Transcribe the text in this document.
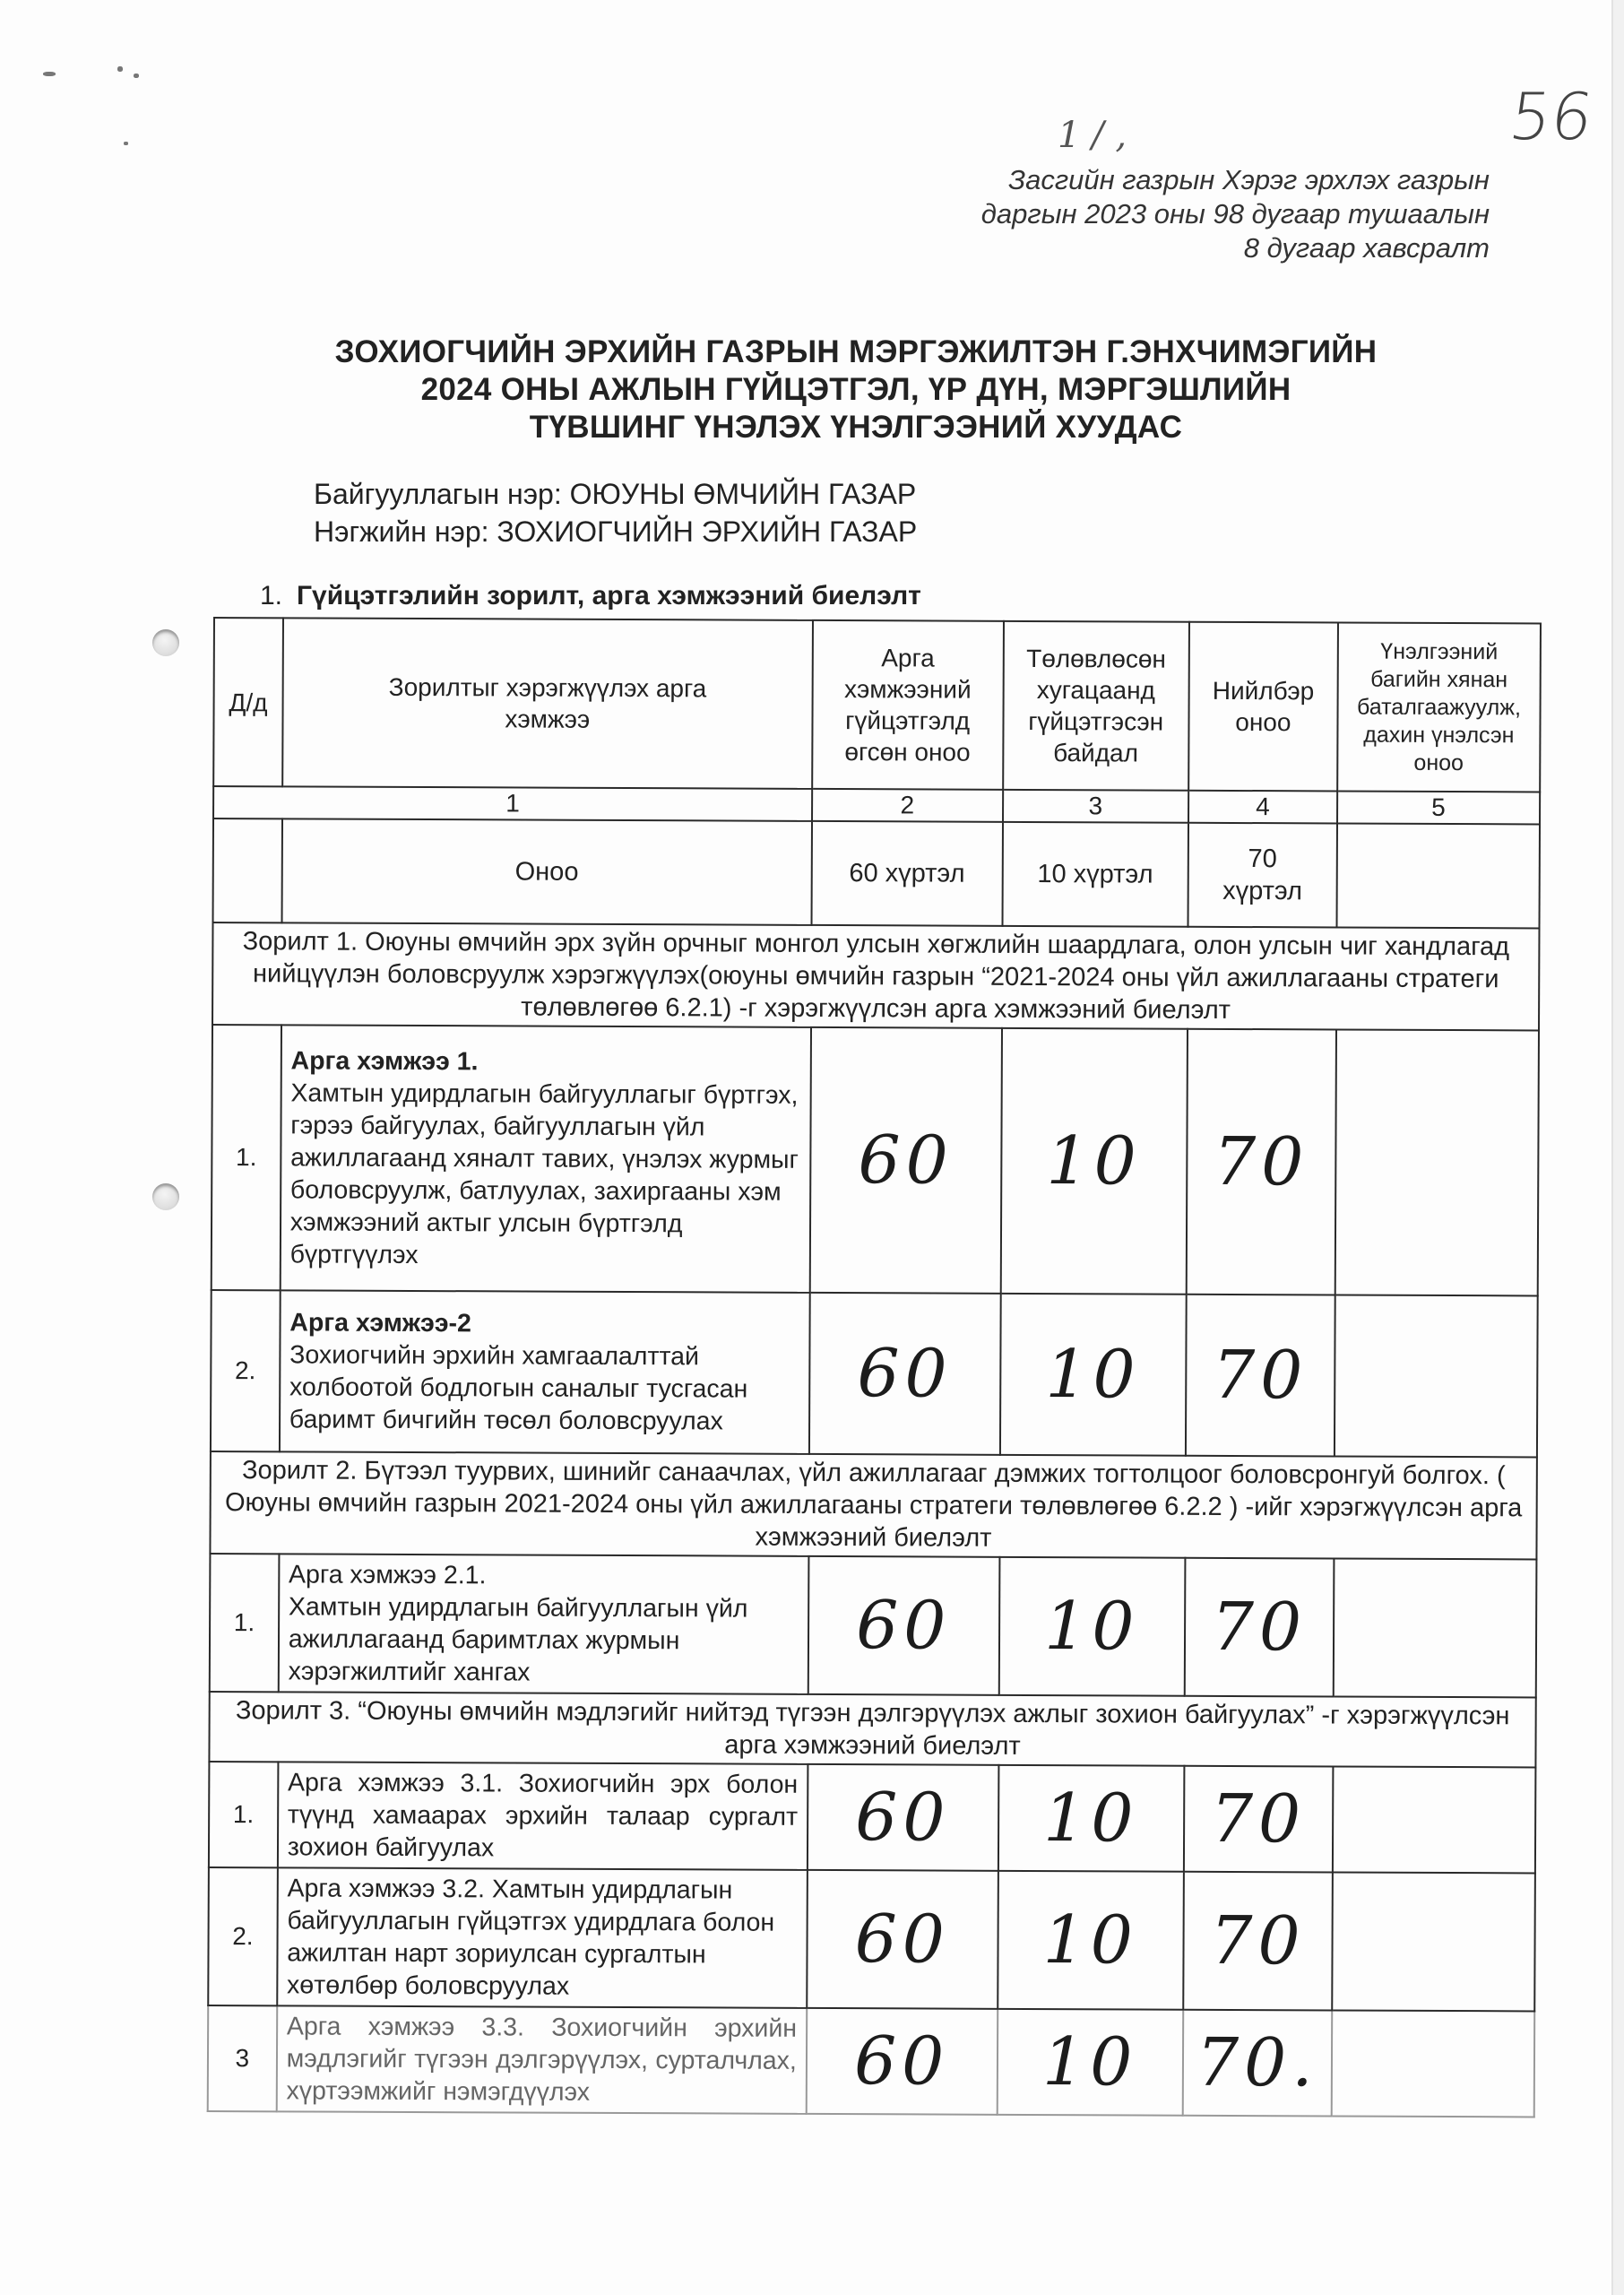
1 / ,	56
Засгийн газрын Хэрэг эрхлэх газрын
даргын 2023 оны 98 дугаар тушаалын
8 дугаар хавсралт
ЗОХИОГЧИЙН ЭРХИЙН ГАЗРЫН МЭРГЭЖИЛТЭН Г.ЭНХЧИМЭГИЙН
2024 ОНЫ АЖЛЫН ГҮЙЦЭТГЭЛ, ҮР ДҮН, МЭРГЭШЛИЙН
ТҮВШИНГ ҮНЭЛЭХ ҮНЭЛГЭЭНИЙ ХУУДАС
Байгууллагын нэр: ОЮУНЫ ӨМЧИЙН ГАЗАР
Нэгжийн нэр: ЗОХИОГЧИЙН ЭРХИЙН ГАЗАР
1. Гүйцэтгэлийн зорилт, арга хэмжээний биелэлт
Д/д	Зорилтыг хэрэгжүүлэх арга хэмжээ	Арга хэмжээний гүйцэтгэлд өгсөн оноо	Төлөвлөсөн хугацаанд гүйцэтгэсэн байдал	Нийлбэр оноо	Үнэлгээний багийн хянан баталгаажуулж, дахин үнэлсэн оноо
1		2	3	4	5
	Оноо	60 хүртэл	10 хүртэл	70 хүртэл	
Зорилт 1. Оюуны өмчийн эрх зүйн орчныг монгол улсын хөгжлийн шаардлага, олон улсын чиг хандлагад нийцүүлэн боловсруулж хэрэгжүүлэх(оюуны өмчийн газрын “2021-2024 оны үйл ажиллагааны стратеги төлөвлөгөө 6.2.1) -г хэрэгжүүлсэн арга хэмжээний биелэлт					
1.	Арга хэмжээ 1.
Хамтын удирдлагын байгууллагыг бүртгэх, гэрээ байгуулах, байгууллагын үйл ажиллагаанд хяналт тавих, үнэлэх журмыг боловсруулж, батлуулах, захиргааны хэм хэмжээний актыг улсын бүртгэлд бүртгүүлэх	60	10	70	
2.	Арга хэмжээ-2
Зохиогчийн эрхийн хамгаалалттай холбоотой бодлогын саналыг тусгасан баримт бичгийн төсөл боловсруулах	60	10	70	
Зорилт 2. Бүтээл туурвих, шинийг санаачлах, үйл ажиллагааг дэмжих тогтолцоог боловсронгуй болгох. ( Оюуны өмчийн газрын 2021-2024 оны үйл ажиллагааны стратеги төлөвлөгөө 6.2.2 ) -ийг хэрэгжүүлсэн арга хэмжээний биелэлт					
1.	Арга хэмжээ 2.1.
Хамтын удирдлагын байгууллагын үйл ажиллагаанд баримтлах журмын хэрэгжилтийг хангах	60	10	70	
Зорилт 3. “Оюуны өмчийн мэдлэгийг нийтэд түгээн дэлгэрүүлэх ажлыг зохион байгуулах” -г хэрэгжүүлсэн арга хэмжээний биелэлт					
1.	Арга хэмжээ 3.1. Зохиогчийн эрх болон түүнд хамаарах эрхийн талаар сургалт зохион байгуулах	60	10	70	
2.	Арга хэмжээ 3.2. Хамтын удирдлагын байгууллагын гүйцэтгэх удирдлага болон ажилтан нарт зориулсан сургалтын хөтөлбөр боловсруулах	60	10	70	
3	Арга хэмжээ 3.3. Зохиогчийн эрхийн мэдлэгийг түгээн дэлгэрүүлэх, сурталчлах, хүртээмжийг нэмэгдүүлэх	60	10	70.	
